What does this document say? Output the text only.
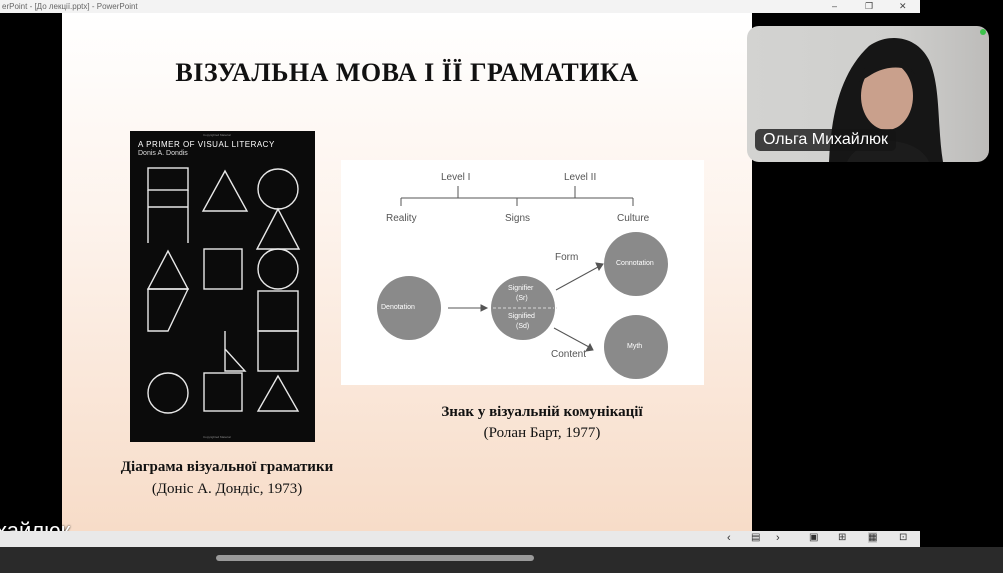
erPoint - [До лекції.pptx] - PowerPoint	–	❐	✕
ВІЗУАЛЬНА МОВА І ЇЇ ГРАМАТИКА
Copyrighted Material
A PRIMER OF VISUAL LITERACY
Donis A. Dondis
Copyrighted Material
Level I	Level II
Reality	Signs	Culture
Denotation
Signifier
(Sr)
Signified
(Sd)
Form
Content
Connotation
Myth
Знак у візуальній комунікації
(Ролан Барт, 1977)
Діаграма візуальної граматики
(Доніс А. Дондіс, 1973)
Ольга Михайлюк
‹ ▤ ›	▣ ⊞ ▦ ⊡
